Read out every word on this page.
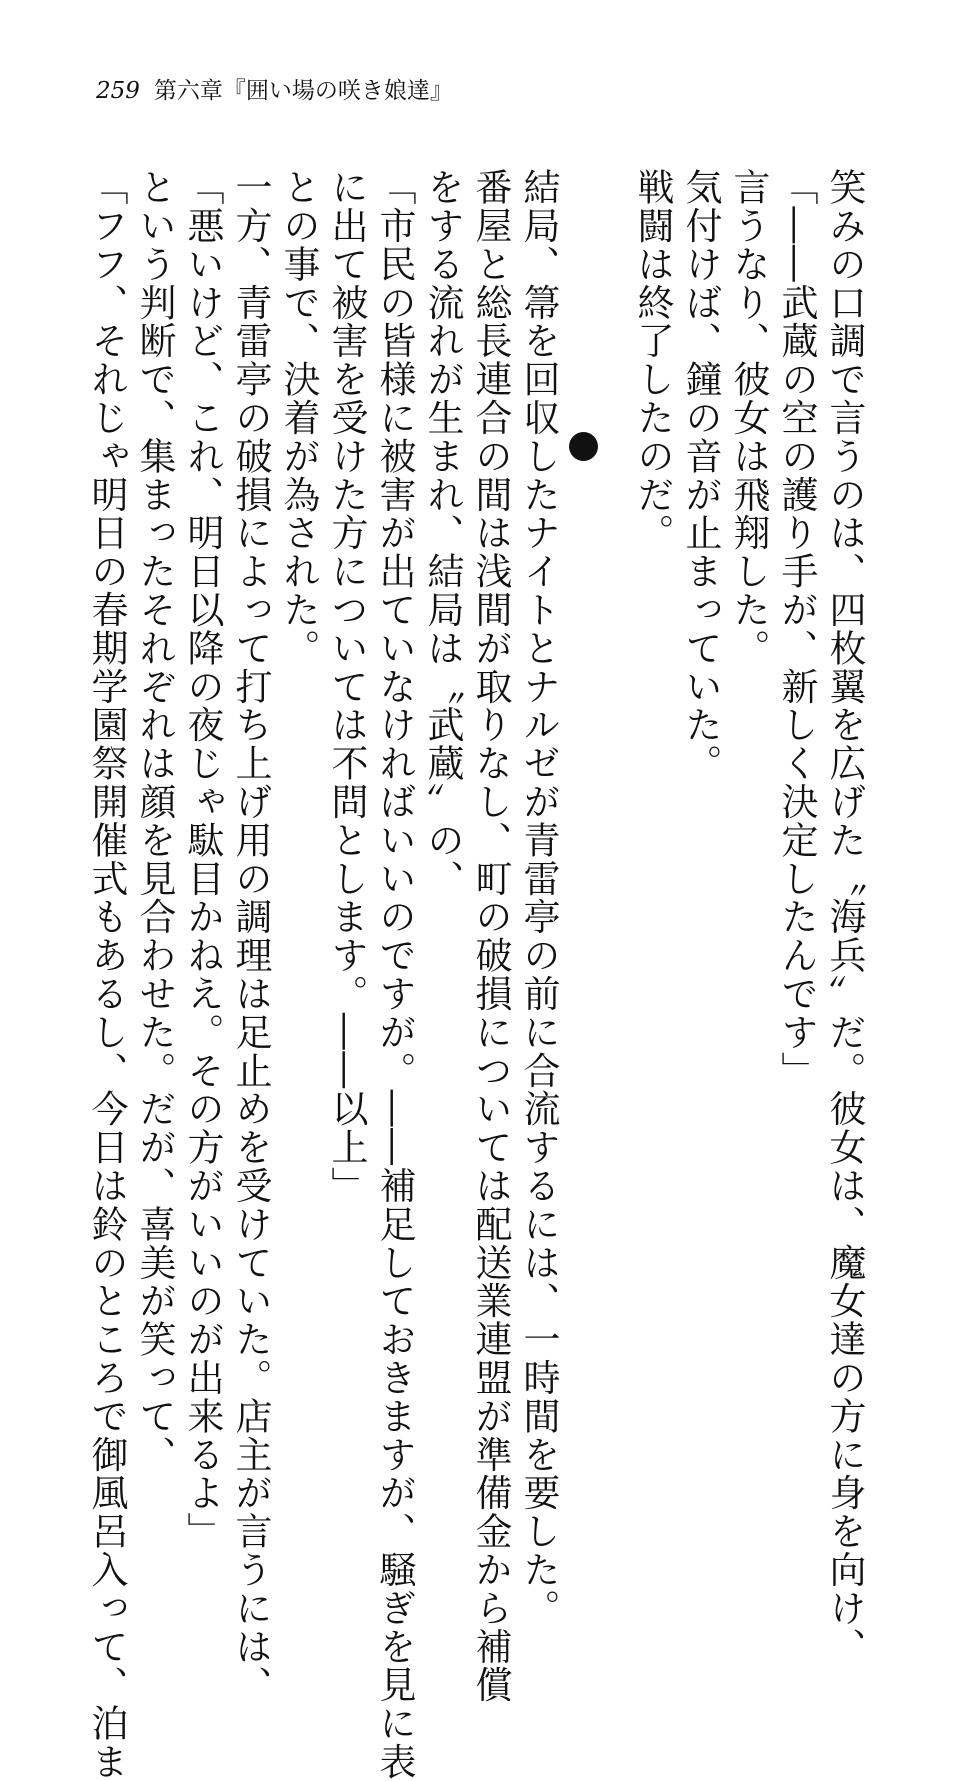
259 第六章『囲い場の咲き娘達』
笑みの口調で言うのは、四枚翼を広げた〝海兵〟だ。彼女は、魔女達の方に身を向け、
「――武蔵の空の護り手が、新しく決定したんです」
言うなり、彼女は飛翔した。
気付けば、鐘の音が止まっていた。
戦闘は終了したのだ。
結局、箒を回収したナイトとナルゼが青雷亭の前に合流するには、一時間を要した。
番屋と総長連合の間は浅間が取りなし、町の破損については配送業連盟が準備金から補償
をする流れが生まれ、結局は〝武蔵〟の、
「市民の皆様に被害が出ていなければいいのですが。――補足しておきますが、騒ぎを見に表
に出て被害を受けた方については不問とします。――以上」
との事で、決着が為された。
一方、青雷亭の破損によって打ち上げ用の調理は足止めを受けていた。店主が言うには、
「悪いけど、これ、明日以降の夜じゃ駄目かねえ。その方がいいのが出来るよ」
という判断で、集まったそれぞれは顔を見合わせた。だが、喜美が笑って、
「フフ、それじゃ明日の春期学園祭開催式もあるし、今日は鈴のところで御風呂入って、泊ま
